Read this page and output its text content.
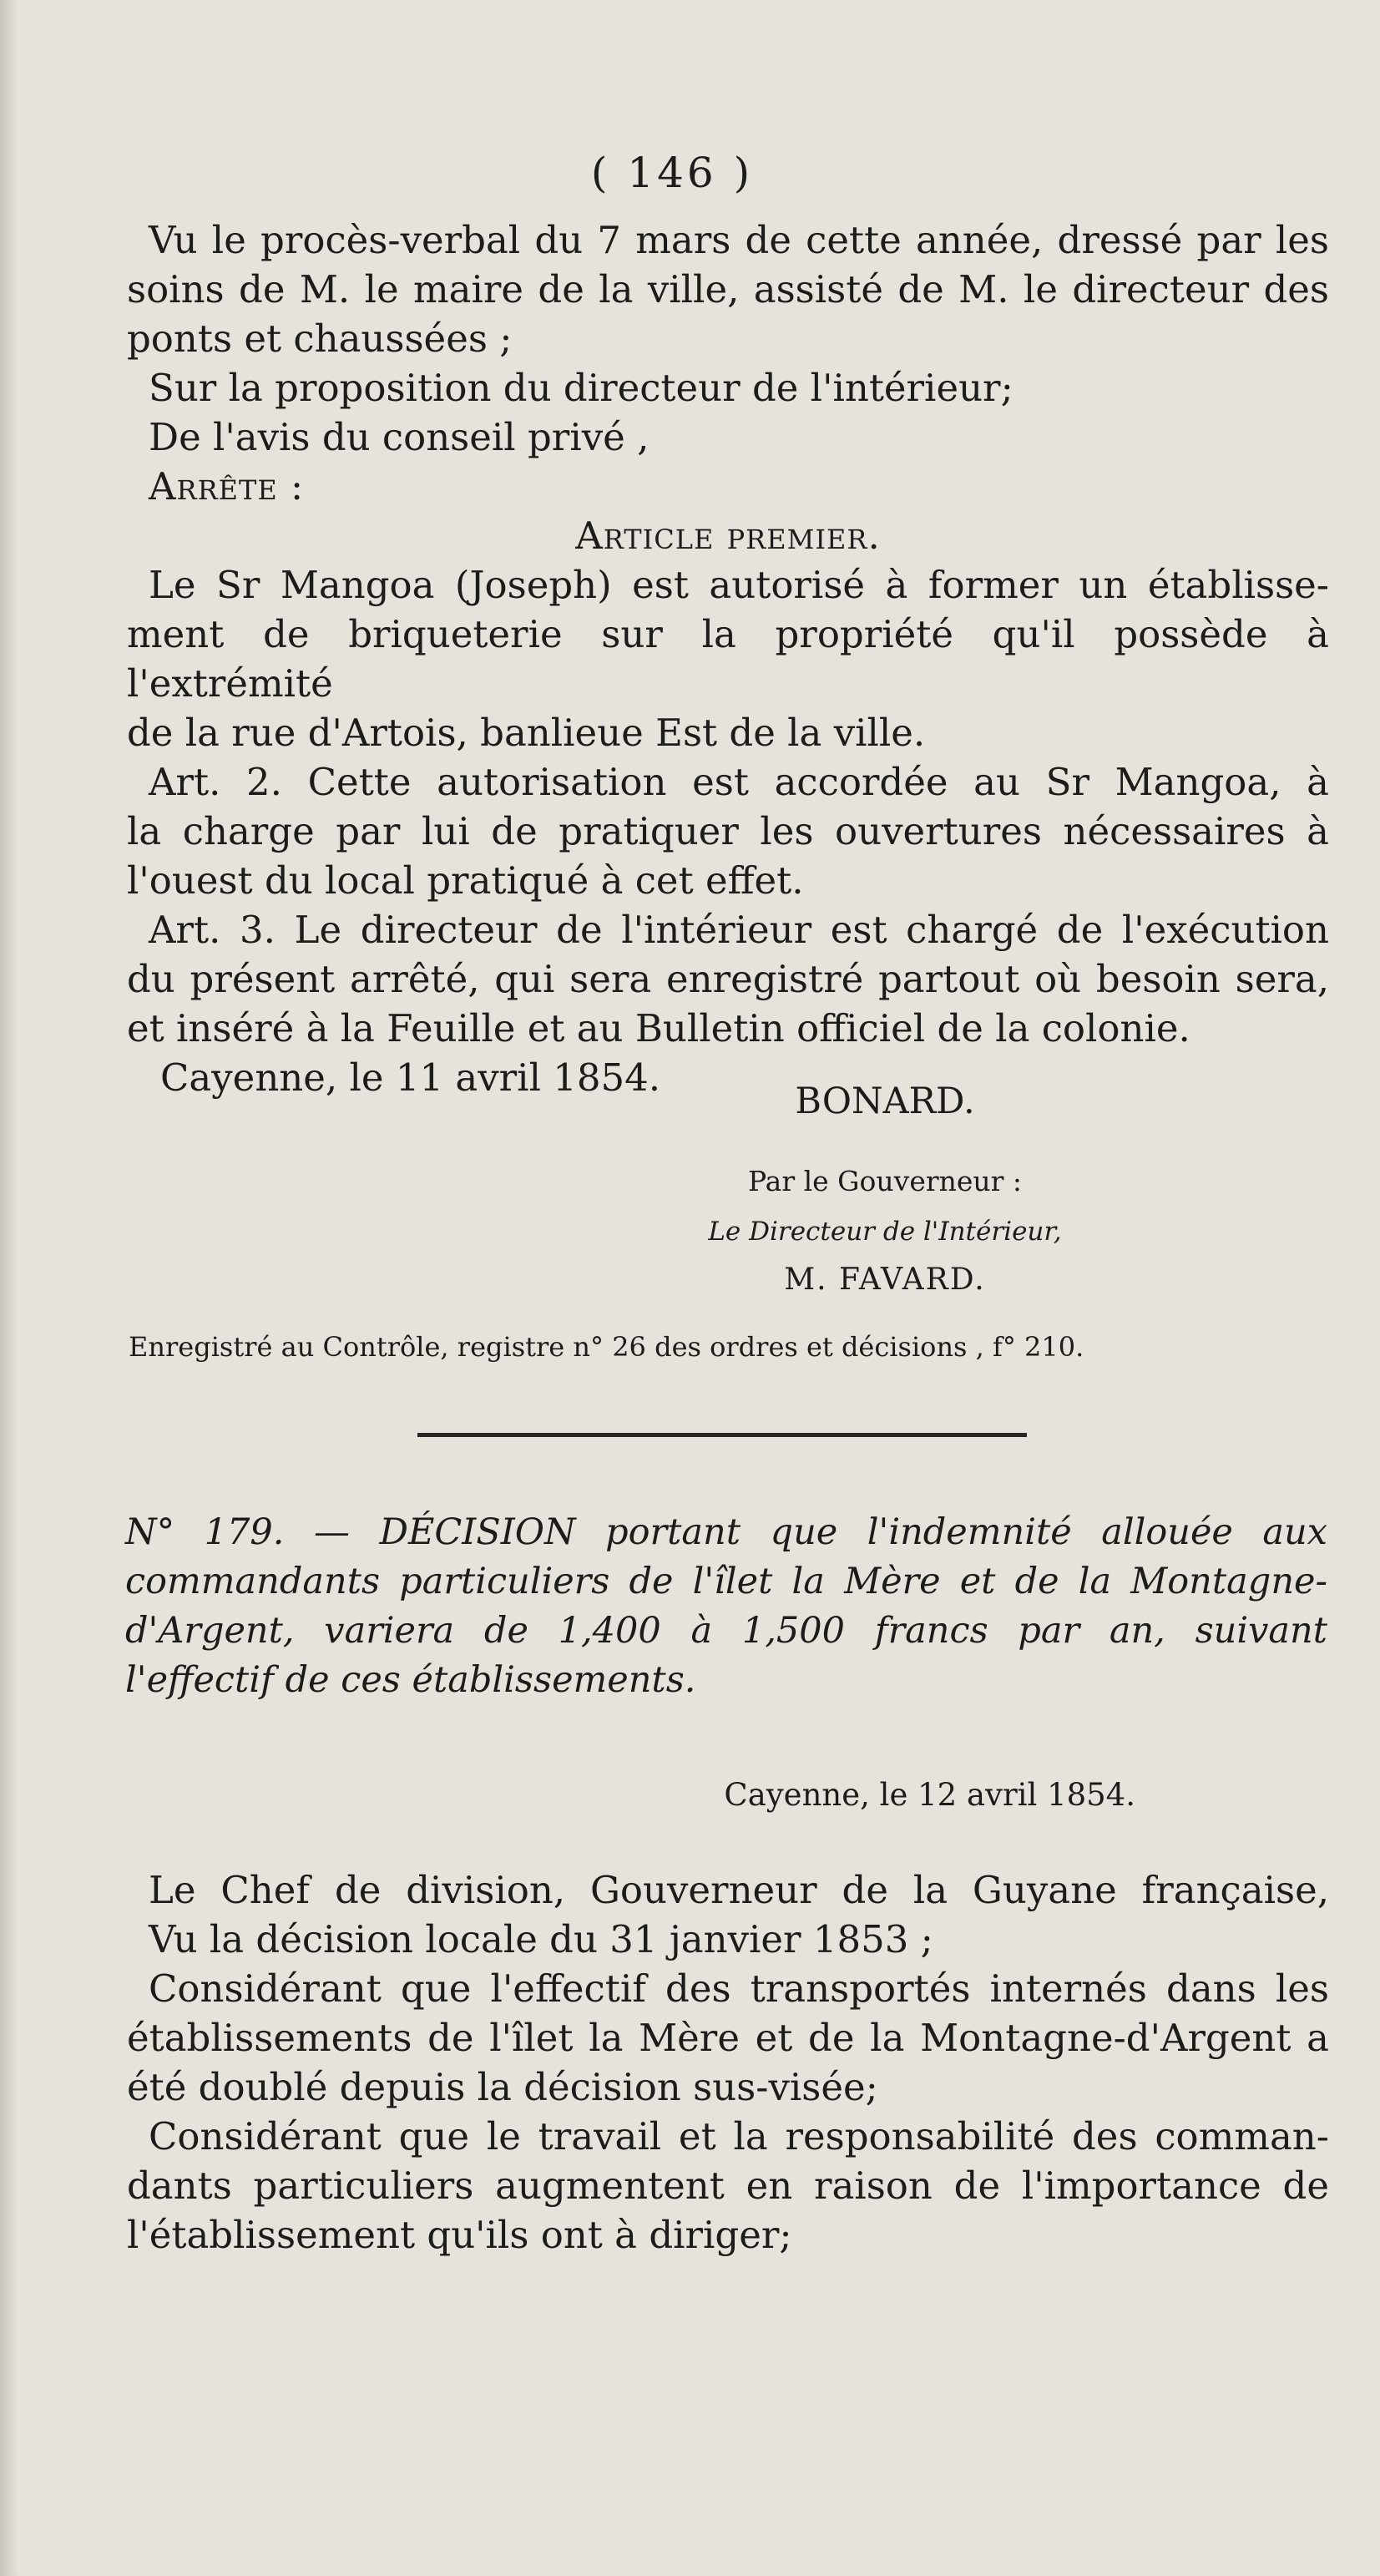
( 146 )

Vu le procès-verbal du 7 mars de cette année, dressé par les

soins de M. le maire de la ville, assisté de M. le directeur des

ponts et chaussées ;

Sur la proposition du directeur de l'intérieur;

De l'avis du conseil privé ,

Arrête :

Article premier.

Le Sr Mangoa (Joseph) est autorisé à former un établisse-

ment de briqueterie sur la propriété qu'il possède à l'extrémité

de la rue d'Artois, banlieue Est de la ville.

Art. 2. Cette autorisation est accordée au Sr Mangoa, à

la charge par lui de pratiquer les ouvertures nécessaires à

l'ouest du local pratiqué à cet effet.

Art. 3. Le directeur de l'intérieur est chargé de l'exécution

du présent arrêté, qui sera enregistré partout où besoin sera,

et inséré à la Feuille et au Bulletin officiel de la colonie.

Cayenne, le 11 avril 1854.

BONARD.
Par le Gouverneur :
Le Directeur de l'Intérieur,
M. FAVARD.
Enregistré au Contrôle, registre n° 26 des ordres et décisions , f° 210.

N° 179. — DÉCISION portant que l'indemnité allouée aux

commandants particuliers de l'îlet la Mère et de la Montagne-

d'Argent, variera de 1,400 à 1,500 francs par an, suivant

l'effectif de ces établissements.

Cayenne, le 12 avril 1854.

Le Chef de division, Gouverneur de la Guyane française,

Vu la décision locale du 31 janvier 1853 ;

Considérant que l'effectif des transportés internés dans les

établissements de l'îlet la Mère et de la Montagne-d'Argent a

été doublé depuis la décision sus-visée;

Considérant que le travail et la responsabilité des comman-

dants particuliers augmentent en raison de l'importance de

l'établissement qu'ils ont à diriger;
